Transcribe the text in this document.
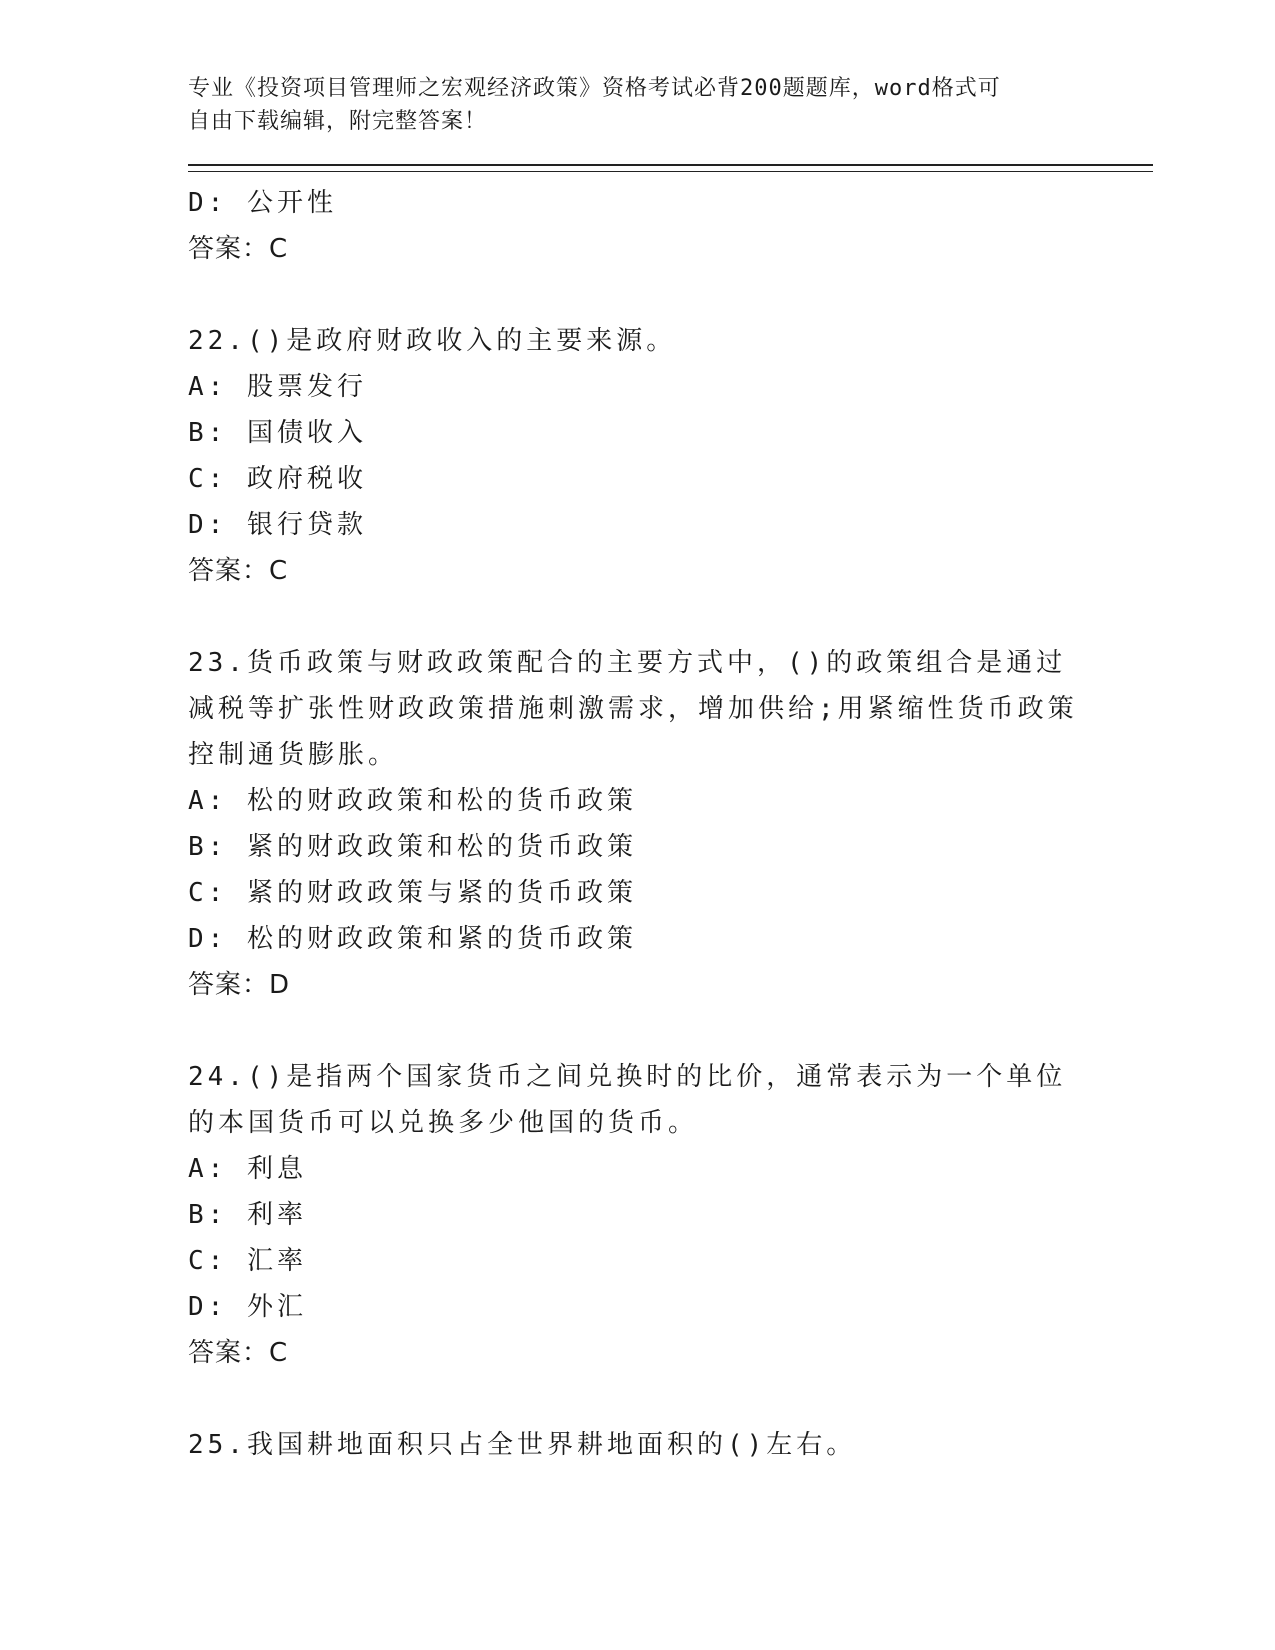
专业《投资项目管理师之宏观经济政策》资格考试必背200题题库，word格式可
自由下载编辑，附完整答案！
D: 公开性
答案：C
22.()是政府财政收入的主要来源。
A: 股票发行
B: 国债收入
C: 政府税收
D: 银行贷款
答案：C
23.货币政策与财政政策配合的主要方式中，()的政策组合是通过减税等扩张性财政政策措施刺激需求，增加供给;用紧缩性货币政策控制通货膨胀。
A: 松的财政政策和松的货币政策
B: 紧的财政政策和松的货币政策
C: 紧的财政政策与紧的货币政策
D: 松的财政政策和紧的货币政策
答案：D
24.()是指两个国家货币之间兑换时的比价，通常表示为一个单位的本国货币可以兑换多少他国的货币。
A: 利息
B: 利率
C: 汇率
D: 外汇
答案：C
25.我国耕地面积只占全世界耕地面积的()左右。
